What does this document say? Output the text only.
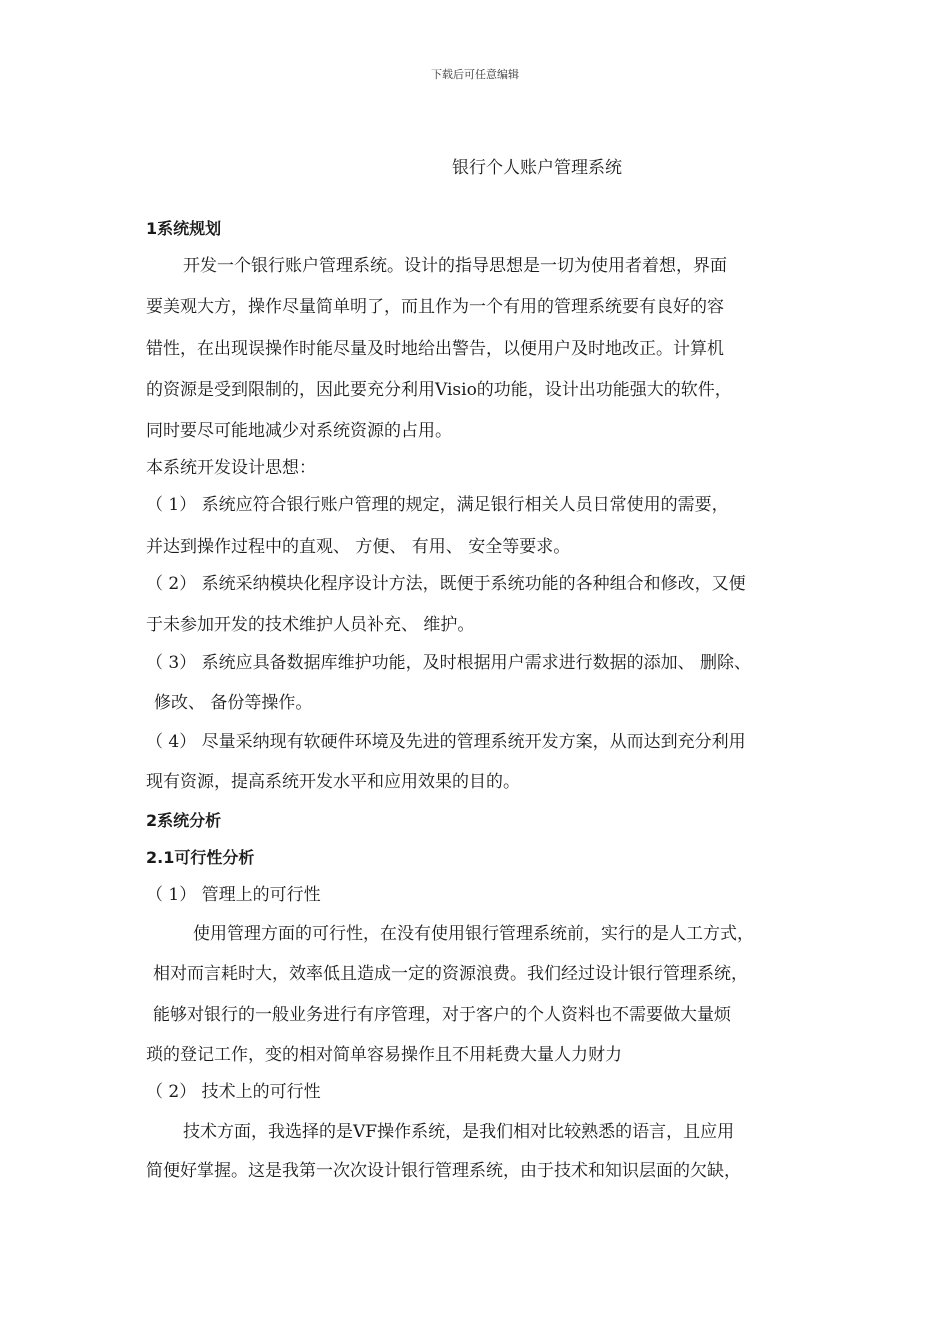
下载后可任意编辑
银行个人账户管理系统
1系统规划
开发一个银行账户管理系统。设计的指导思想是一切为使用者着想，界面
要美观大方，操作尽量简单明了，而且作为一个有用的管理系统要有良好的容
错性，在出现误操作时能尽量及时地给出警告，以便用户及时地改正。计算机
的资源是受到限制的，因此要充分利用Visio的功能，设计出功能强大的软件，
同时要尽可能地减少对系统资源的占用。
本系统开发设计思想：
（ 1） 系统应符合银行账户管理的规定，满足银行相关人员日常使用的需要，
并达到操作过程中的直观、 方便、 有用、 安全等要求。
（ 2） 系统采纳模块化程序设计方法，既便于系统功能的各种组合和修改，又便
于未参加开发的技术维护人员补充、 维护。
（ 3） 系统应具备数据库维护功能，及时根据用户需求进行数据的添加、 删除、
修改、 备份等操作。
（ 4） 尽量采纳现有软硬件环境及先进的管理系统开发方案，从而达到充分利用
现有资源，提高系统开发水平和应用效果的目的。
2系统分析
2.1可行性分析
（ 1） 管理上的可行性
使用管理方面的可行性，在没有使用银行管理系统前，实行的是人工方式，
相对而言耗时大，效率低且造成一定的资源浪费。我们经过设计银行管理系统，
能够对银行的一般业务进行有序管理，对于客户的个人资料也不需要做大量烦
琐的登记工作，变的相对简单容易操作且不用耗费大量人力财力
（ 2） 技术上的可行性
技术方面，我选择的是VF操作系统，是我们相对比较熟悉的语言，且应用
简便好掌握。这是我第一次次设计银行管理系统，由于技术和知识层面的欠缺，
